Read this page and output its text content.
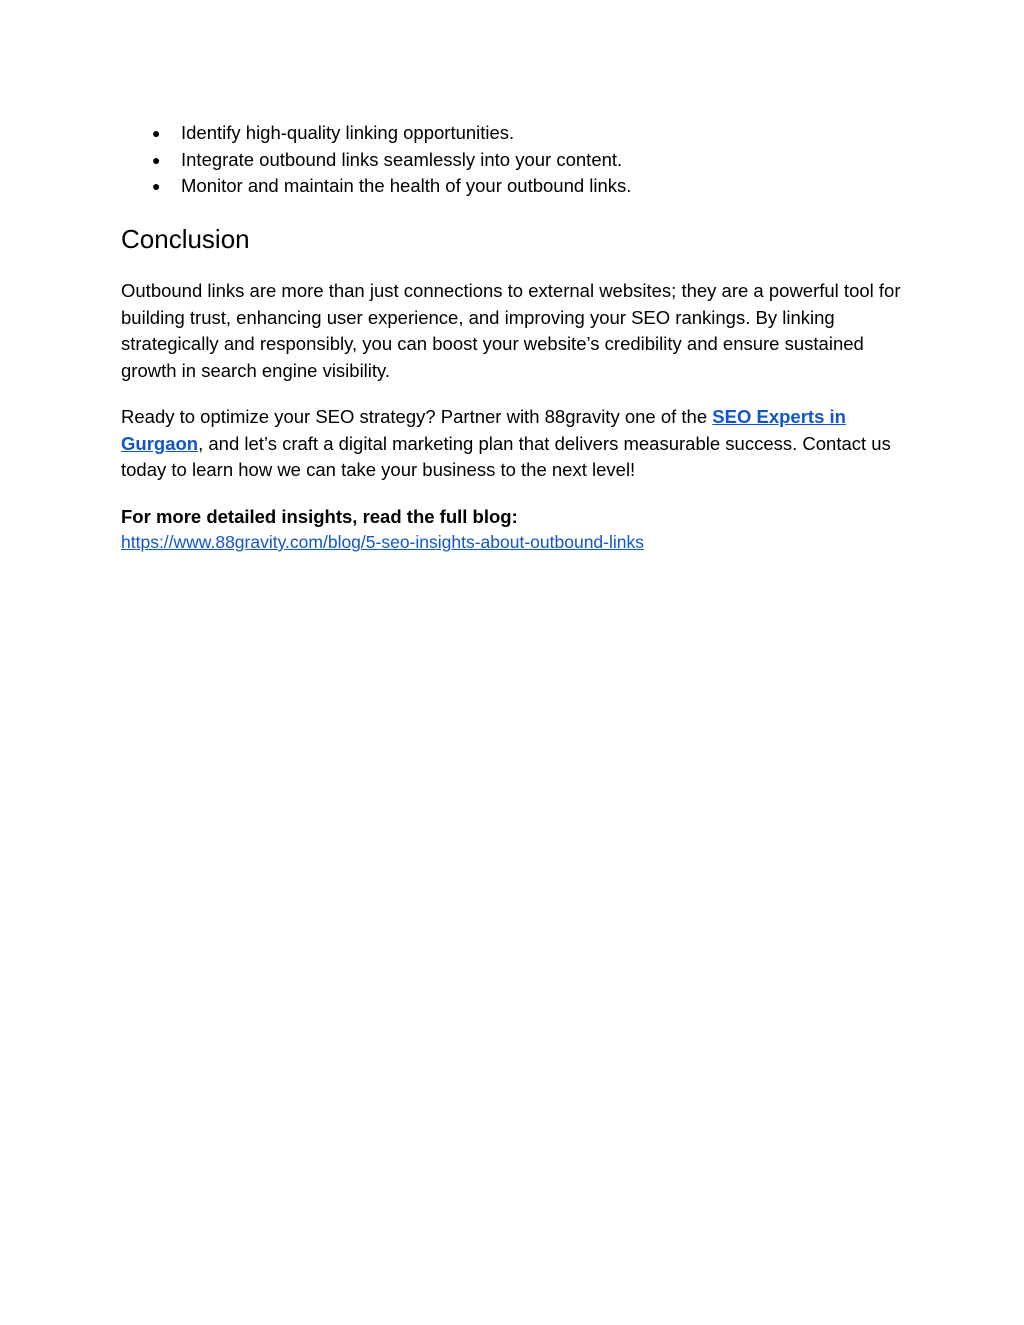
● Identify high-quality linking opportunities.
● Integrate outbound links seamlessly into your content.
● Monitor and maintain the health of your outbound links.
Conclusion

Outbound links are more than just connections to external websites; they are a powerful tool for building trust, enhancing user experience, and improving your SEO rankings. By linking strategically and responsibly, you can boost your website’s credibility and ensure sustained growth in search engine visibility.

Ready to optimize your SEO strategy? Partner with 88gravity one of the SEO Experts in Gurgaon, and let’s craft a digital marketing plan that delivers measurable success. Contact us today to learn how we can take your business to the next level!

For more detailed insights, read the full blog:

https://www.88gravity.com/blog/5-seo-insights-about-outbound-links
